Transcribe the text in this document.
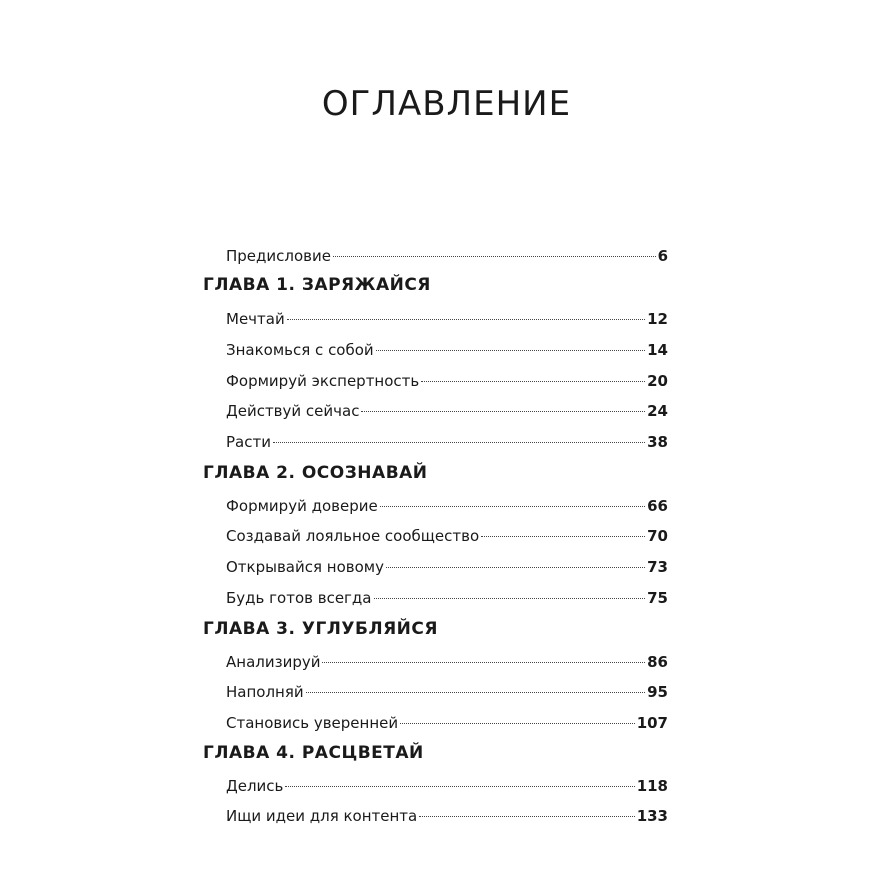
ОГЛАВЛЕНИЕ
Предисловие	6
ГЛАВА 1. ЗАРЯЖАЙСЯ
Мечтай	12
Знакомься с собой	14
Формируй экспертность	20
Действуй сейчас	24
Расти	38
ГЛАВА 2. ОСОЗНАВАЙ
Формируй доверие	66
Создавай лояльное сообщество	70
Открывайся новому	73
Будь готов всегда	75
ГЛАВА 3. УГЛУБЛЯЙСЯ
Анализируй	86
Наполняй	95
Становись уверенней	107
ГЛАВА 4. РАСЦВЕТАЙ
Делись	118
Ищи идеи для контента	133
